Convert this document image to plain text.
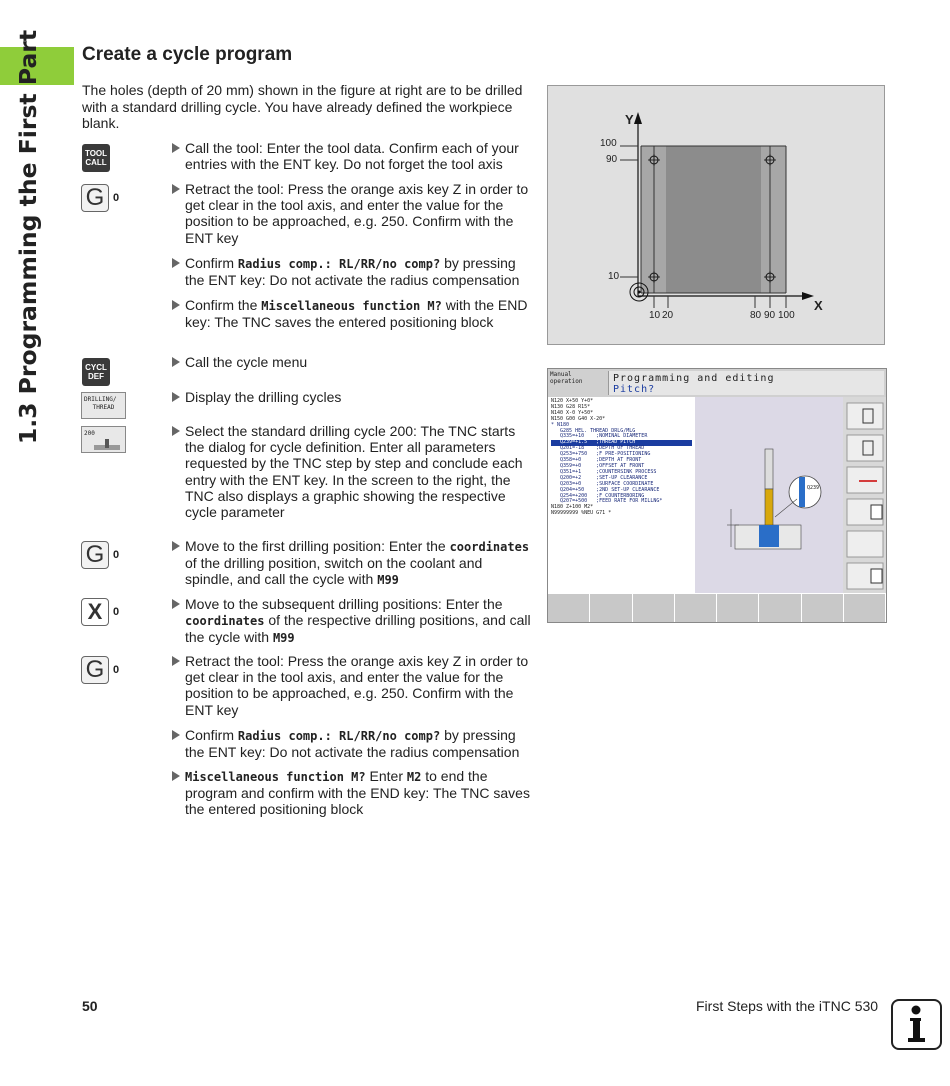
1.3 Programming the First Part Create a cycle program
The holes (depth of 20 mm) shown in the figure at right are to be drilled with a standard drilling cycle. You have already defined the workpiece blank.
TOOL
CALL
G 0
CYCL
DEF
DRILLING/
THREAD
200
G 0
X 0
G 0

Call the tool: Enter the tool data. Confirm each of your entries with the ENT key. Do not forget the tool axis

Retract the tool: Press the orange axis key Z in order to get clear in the tool axis, and enter the value for the position to be approached, e.g. 250. Confirm with the ENT key

Confirm Radius comp.: RL/RR/no comp? by pressing the ENT key: Do not activate the radius compensation

Confirm the Miscellaneous function M? with the END key: The TNC saves the entered positioning block

Call the cycle menu

Display the drilling cycles

Select the standard drilling cycle 200: The TNC starts the dialog for cycle definition. Enter all parameters requested by the TNC step by step and conclude each entry with the ENT key. In the screen to the right, the TNC also displays a graphic showing the respective cycle parameter

Move to the first drilling position: Enter the coordinates of the drilling position, switch on the coolant and spindle, and call the cycle with M99

Move to the subsequent drilling positions: Enter the coordinates of the respective drilling positions, and call the cycle with M99

Retract the tool: Press the orange axis key Z in order to get clear in the tool axis, and enter the value for the position to be approached, e.g. 250. Confirm with the ENT key

Confirm Radius comp.: RL/RR/no comp? by pressing the ENT key: Do not activate the radius compensation

Miscellaneous function M? Enter M2 to end the program and confirm with the END key: The TNC saves the entered positioning block

Y
X
100
90
10
10 20	80 90 100
Manual
operation	Programming and editing
Pitch?
N120 X+50 Y+0*
N130 G28 R15*
N140 X-0 Y+50*
N150 G00 G40 X-20*
* N180
G285 HEL. THREAD DRLG/MLG
Q335=+10    ;NOMINAL DIAMETER
Q239=+1.5   ;THREAD PITCH
Q201=-18    ;DEPTH OF THREAD
Q253=+750   ;F PRE-POSITIONING
Q358=+0     ;DEPTH AT FRONT
Q359=+0     ;OFFSET AT FRONT
Q351=+1     ;COUNTERSINK PROCESS
Q200=+2     ;SET-UP CLEARANCE
Q203=+0     ;SURFACE COORDINATE
Q204=+50    ;2ND SET-UP CLEARANCE
Q254=+200   ;F COUNTERBORING
Q207=+500   ;FEED RATE FOR MILLNG*
N180 Z+100 M2*
N99999999 %NEU G71 *
Q239
50	First Steps with the iTNC 530
